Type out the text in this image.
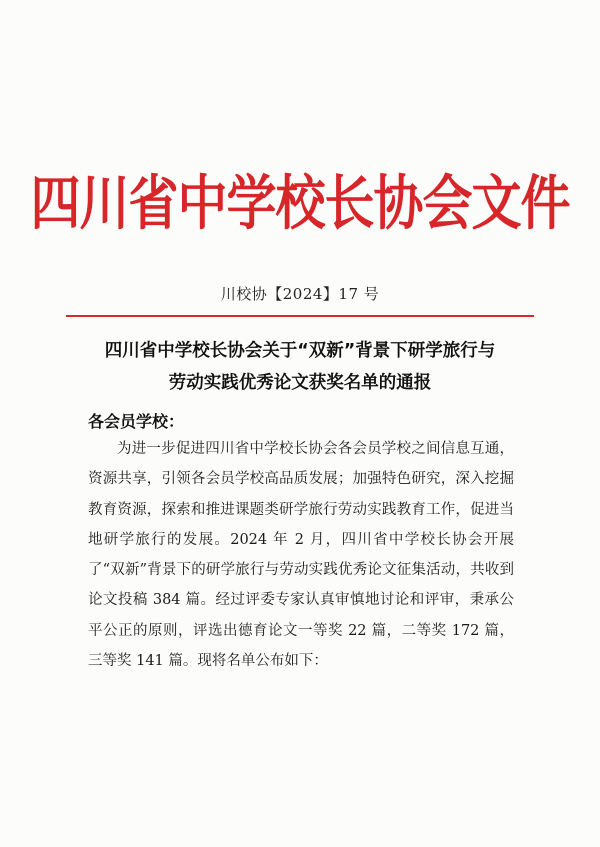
四川省中学校长协会文件
川校协【2024】17 号
四川省中学校长协会关于“双新”背景下研学旅行与
劳动实践优秀论文获奖名单的通报
各会员学校：

为进一步促进四川省中学校长协会各会员学校之间信息互通，资源共享，引领各会员学校高品质发展；加强特色研究，深入挖掘教育资源，探索和推进课题类研学旅行劳动实践教育工作，促进当地研学旅行的发展。2024 年 2 月，四川省中学校长协会开展了“双新”背景下的研学旅行与劳动实践优秀论文征集活动，共收到论文投稿 384 篇。经过评委专家认真审慎地讨论和评审，秉承公平公正的原则，评选出德育论文一等奖 22 篇，二等奖 172 篇，三等奖 141 篇。现将名单公布如下：
